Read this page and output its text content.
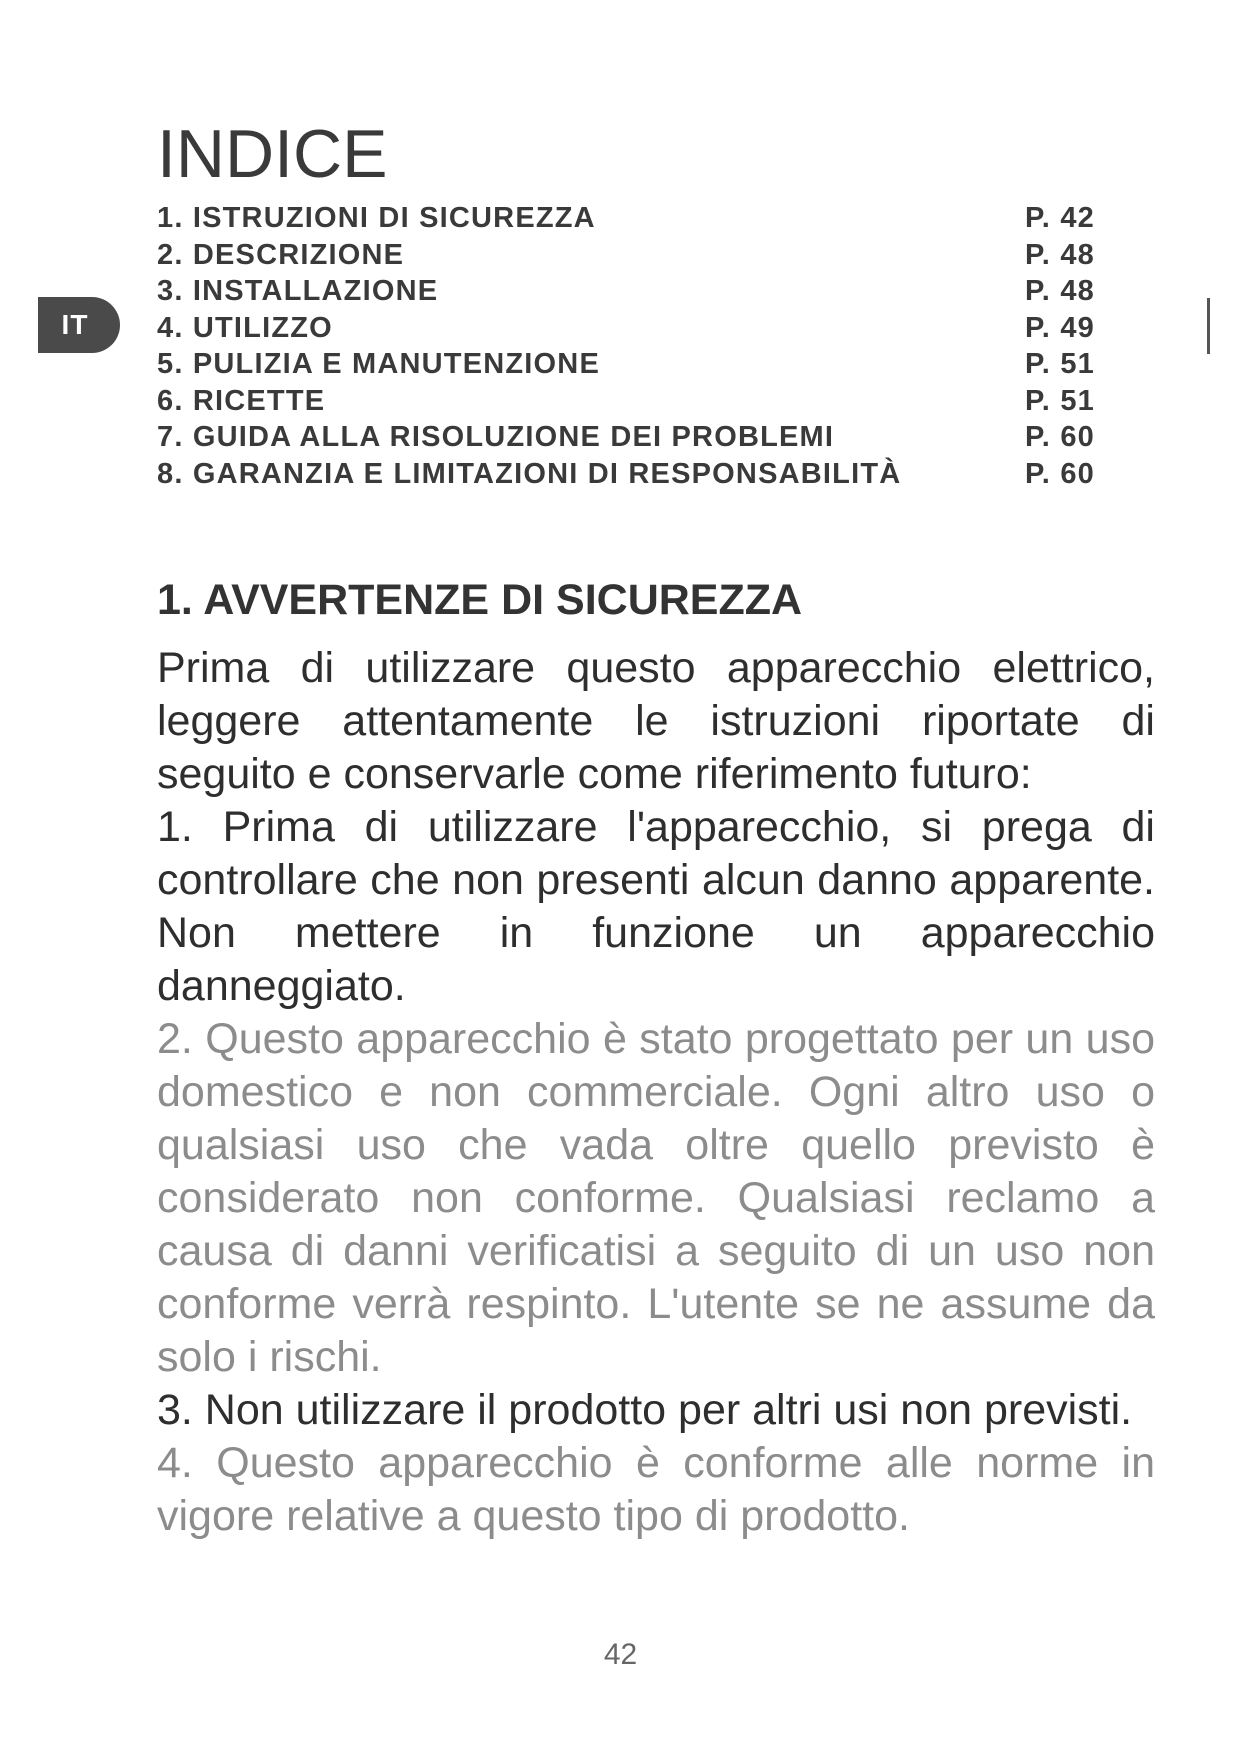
IT
INDICE
1. ISTRUZIONI DI SICUREZZA	P. 42
2. DESCRIZIONE	P. 48
3. INSTALLAZIONE	P. 48
4. UTILIZZO	P. 49
5. PULIZIA E MANUTENZIONE	P. 51
6. RICETTE	P. 51
7. GUIDA ALLA RISOLUZIONE DEI PROBLEMI	P. 60
8. GARANZIA E LIMITAZIONI DI RESPONSABILITÀ	P. 60
1. AVVERTENZE DI SICUREZZA

Prima di utilizzare questo apparecchio elettrico, leggere attentamente le istruzioni riportate di seguito e conservarle come riferimento futuro:

1. Prima di utilizzare l'apparecchio, si prega di controllare che non presenti alcun danno apparente. Non mettere in funzione un apparecchio danneggiato.

2. Questo apparecchio è stato progettato per un uso domestico e non commerciale. Ogni altro uso o qualsiasi uso che vada oltre quello previsto è considerato non conforme. Qualsiasi reclamo a causa di danni verificatisi a seguito di un uso non conforme verrà respinto. L'utente se ne assume da solo i rischi.

3. Non utilizzare il prodotto per altri usi non previsti.

4. Questo apparecchio è conforme alle norme in vigore relative a questo tipo di prodotto.

42
